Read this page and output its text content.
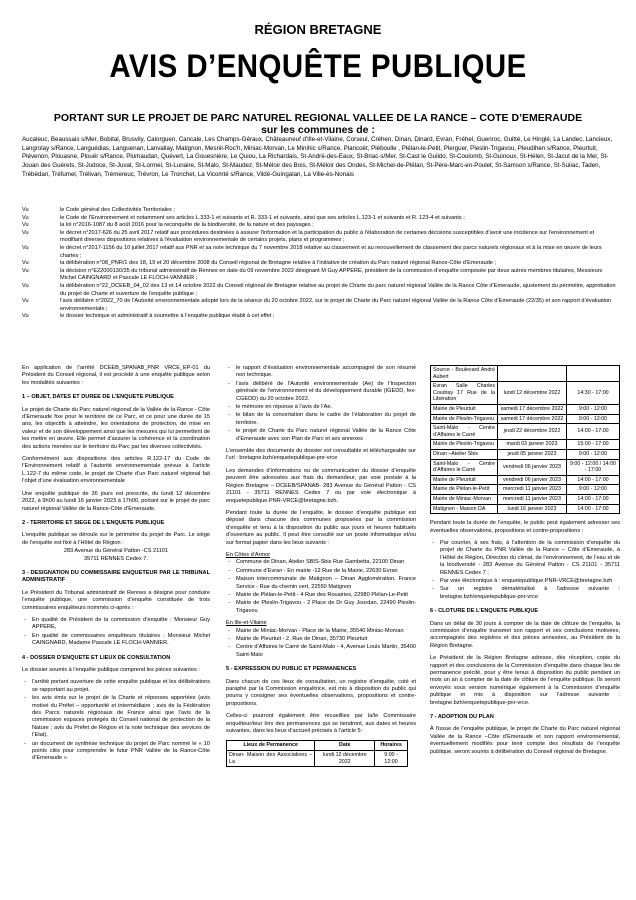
RÉGION BRETAGNE
AVIS D’ENQUÊTE PUBLIQUE
PORTANT SUR LE PROJET DE PARC NATUREL REGIONAL VALLEE DE LA RANCE – COTE D’EMERAUDE
sur les communes de :
Aucaleuc, Beaussais s/Mer, Bobital, Brusvily, Calorguen, Cancale, Les Champs-Géraux, Châteauneuf d'Ille-et-Vilaine, Corseul, Créhen, Dinan, Dinard, Evran, Fréhel, Guenroc, Guitté, Le Hinglé, La Landec, Lancieux, Langrolay s/Rance, Languédias, Languenan, Lanvallay, Matignon, Mesnil-Roc'h, Miniac-Morvan, Le Minihic s/Rance, Plancoët, Pléboulle , Plélan-le-Petit, Plerguer, Pleslin-Trigavou, Pleudihen s/Rance, Pleurtuit, Plévenon, Plouasne, Plouër s/Rance, Plumaudan, Quévert, La Gouesnière, Le Quiou, La Richardais, St-André-des-Eaux, St-Briac-s/Mer, St-Cast le Guildo, St-Coulomb, St-Guinoux, St-Hélen, St-Jacut de la Mer, St-Jouan des Guérets, St-Judoce, St-Juvat, St-Lormel, St-Lunaire, St-Malo, St-Maudez, St-Méloir des Bois, St-Méloir des Ondes, St-Michel-de-Plélan, St-Père-Marc-en-Poulet, St-Samson s/Rance, St-Suliac, Taden, Trébédan, Tréfumel, Trélivan, Trémereuc, Trévron, Le Tronchet, La Vicomté s/Rance, Vildé-Guingalan, La Ville-ès-Nonais
Vu	le Code général des Collectivités Territoriales ;
Vu	le Code de l’Environnement et notamment ses articles L.333-1 et suivants et R. 333-1 et suivants, ainsi que ses articles L.123-1 et suivants et R. 123-4 et suivants ;
Vu	la loi n°2016-1087 du 8 août 2016 pour la reconquête de la biodiversité, de la nature et des paysages ;
Vu	le décret n°2017-626 du 25 avril 2017 relatif aux procédures destinées à assurer l'information et la participation du public à l'élaboration de certaines décisions susceptibles d'avoir une incidence sur l'environnement et modifiant diverses dispositions relatives à l'évaluation environnementale de certains projets, plans et programmes ;
Vu	le décret n°2017-1156 du 10 juillet 2017 relatif aux PNR et sa note technique du 7 novembre 2018 relative au classement et au renouvellement de classement des parcs naturels régionaux et à la mise en œuvre de leurs chartes ;
Vu	la délibération n°08_PNR/1 des 18, 19 et 20 décembre 2008 du Conseil régional de Bretagne relative à l’initiative de création du Parc naturel régional Rance-Côte d’Emeraude ;
Vu	la décision n°E22000130/35 du tribunal administratif de Rennes en date du 09 novembre 2022 désignant M Guy APPERE, président de la commission d’enquête composée par deux autres membres titulaires, Messieurs Michel CAINGNARD et Pascale LE FLOCH-VANNIER ;
Vu	la délibération n°22_DCEEB_04_02 des 13 et 14 octobre 2022 du Conseil régional de Bretagne relative au projet de Charte du parc naturel régional Vallée de la Rance Côte d’Emeraude, ajustement du périmètre, approbation du projet de Charte et ouverture de l’enquête publique ;
Vu	l’avis délibéré n°2022_70 de l’Autorité environnementale adopté lors de la séance du 20 octobre 2022, sur le projet de Charte du Parc naturel régional Vallée de la Rance Côte d’Emeraude (22/35) et son rapport d’évaluation environnementale ;
Vu	le dossier technique et administratif à soumettre à l’enquête publique établi à cet effet ;

En application de l’arrêté DCEEB_SPANAB_PNR VRCE_EP-01 du Président du Conseil régional, il est procédé à une enquête publique selon les modalités suivantes :

1 – OBJET, DATES ET DUREE DE L’ENQUETE PUBLIQUE

Le projet de Charte du Parc naturel régional de la Vallée de la Rance - Côte d’Emeraude fixe pour le territoire de ce Parc, et ce pour une durée de 15 ans, les objectifs à atteindre, les orientations de protection, de mise en valeur et de son développement ainsi que les mesures qui lui permettent de les mettre en œuvre. Elle permet d’assurer la cohérence et la coordination des actions menées sur le territoire du Parc par les diverses collectivités.

Conformément aux dispositions des articles R.122-17 du Code de l’Environnement relatif à l’autorité environnementale prévue à l’article L.122-7 du même code, le projet de Charte d’un Parc naturel régional fait l’objet d’une évaluation environnementale

Une enquête publique de 36 jours est prescrite, du lundi 12 décembre 2022, à 9h00 au lundi 16 janvier 2023 à 17h00, portant sur le projet de parc naturel régional Vallée de la Rance-Côte d’Emeraude.

2 - TERRITOIRE ET SIEGE DE L’ENQUETE PUBLIQUE

L’enquête publique se déroule sur le périmètre du projet de Parc. Le siège de l’enquête est fixé à l’Hôtel de Région :

283 Avenue du Général Patton -CS 21101
35711 RENNES Cedex 7.
3 - DESIGNATION DU COMMISSAIRE ENQUETEUR PAR LE TRIBUNAL ADMINISTRATIF

Le Président du Tribunal administratif de Rennes a désigné pour conduire l’enquête publique, une commission d’enquête constituée de trois commissaires enquêteurs nommés ci-après :

- En qualité de Président de la commission d’enquête : Monsieur Guy APPERE,
- En qualité de commissaires enquêteurs titulaires : Monsieur Michel CAINGNARD, Madame Pascale LE FLOCH-VANNIER.
4 - DOSSIER D’ENQUETE ET LIEUX DE CONSULTATION

Le dossier soumis à l’enquête publique comprend les pièces suivantes :

- l’arrêté portant ouverture de cette enquête publique et les délibérations se rapportant au projet.
- les avis émis sur le projet de la Charte et réponses apportées (avis motivé du Préfet – opportunité et intermédiaire ; avis de la Fédération des Parcs naturels régionaux de France ainsi que l’avis de la commission espaces protégés du Conseil national de protection de la Nature ; avis du Préfet de Région et la note technique des services de l’Etat).
- un document de synthèse technique du projet de Parc nommé le « 10 points clés pour comprendre le futur PNR Vallée de la Rance-Côte d’Emeraude ».
- le rapport d’évaluation environnementale accompagné de son résumé non technique.
- l’avis délibéré de l’Autorité environnementale (Ae) de l’Inspection générale de l’environnement et du développement durable (IGEDD, fex-CGEDD) du 20 octobre 2022.
- le mémoire en réponse à l’avis de l’Ae.
- le bilan de la concertation dans le cadre de l’élaboration du projet de territoire.
- le projet de Charte du Parc naturel régional Vallée de la Rance Côte d’Emeraude avec son Plan de Parc et ses annexes

L’ensemble des documents du dossier est consultable et téléchargeable sur l’url : bretagne.bzh/enquetepublique-pnr-vrce

Les demandes d’informations ou de communication du dossier d’enquête peuvent être adressées aux frais du demandeur, par voie postale à la Région Bretagne – DCEEB/SPANAB- 283 Avenue du Général Patton - CS 21101 - 35711 RENNES Cedex 7 ou par voie électronique à enquetepublique.PNR-VRCE@bretagne.bzh.

Pendant toute la durée de l’enquête, le dossier d’enquête publique est déposé dans chacune des communes proposées par la commission d’enquête et tenu à la disposition du public aux jours et heures habituels d’ouverture au public. Il peut être consulté sur un poste informatique et/ou sur format papier dans les lieux suivants :

En Côtes d’Armor
- Commune de Dinan, Atelier SBIS-Sbis Rue Gambetta, 22100 Dinan
- Commune d’Evran - En mairie -12 Rue de la Mairie, 22630 Evran
- Maison intercommunale de Matignon – Dinan Agglomération, France Service - Rue du chemin vert, 22550 Matignon
- Mairie de Plélan-le-Petit - 4 Rue des Rouairies, 22980 Plélan-Le-Petit
- Mairie de Pleslin-Trigavou - 2 Place de Dr Guy Jourdan, 22490 Pleslin-Trigavou
En Ille-et-Vilaine
- Mairie de Miniac-Morvan - Place de la Mairie, 35540 Miniac-Morvan
- Mairie de Pleurtuit - 2, Rue de Dinan, 35730 Pleurtuit
- Centre d’Affaires le Carré de Saint-Malo - 4, Avenue Louis Martin, 35400 Saint-Malo
5 - EXPRESSION DU PUBLIC ET PERMANENCES

Dans chacun de ces lieux de consultation, un registre d’enquête, coté et paraphé par la Commission enquêtrice, est mis à disposition du public qui pourra y consigner ses éventuelles observations, propositions et contre-propositions.

Celles-ci pourront également être recueillies par la/le Commissaire enquêteur/teur lors des permanences qui se tiendront, aux dates et heures suivantes, dans les lieux d’accueil précisés à l’article 5:

Lieux de Permanence	Date	Horaires
Dinan- Maison des Associations – La	lundi 12 décembre 2022	9:00 - 12:00
Source - Boulevard André Aubert		
Evran Salle Charles Coudray 17 Rue de la Libération	lundi 12 décembre 2022	14:30 - 17:00
Mairie de Pleurtuit	samedi 17 décembre 2022	9:00 - 12:00
Mairie de Pleslin-Trigavou	samedi 17 décembre 2022	9:00 - 12:00
Saint-Malo - Centre d’Affaires le Carré	jeudi 22 décembre 2022	14:00 - 17:00
Mairie de Pleslin-Trigavou	mardi 03 janvier 2023	15:00 - 17:00
Dinan –Atelier Sbis	jeudi 05 janvier 2023	9:00 - 12:00
Saint-Malo - Centre d’Affaires le Carré	vendredi 06 janvier 2023	9:00 - 12:00 / 14:00 - 17:00
Mairie de Pleurtuit	vendredi 06 janvier 2023	14:00 - 17:00
Mairie de Plélan-le-Petit	mercredi 11 janvier 2023	9:00 - 12:00
Mairie de Miniac-Morvan	mercredi 11 janvier 2023	14:00 - 17:00
Matignon - Maison DA	lundi 16 janvier 2023	14:00 - 17:00

Pendant toute la durée de l’enquête, le public peut également adresser ses éventuelles observations, propositions et contre-propositions :

- Par courrier, à ses frais, à l’attention de la commission d’enquête du projet de Charte du PNR Vallée de la Rance – Côte d’Emeraude, à l’Hôtel de Région, Direction du climat, de l’environnement, de l’eau et de la biodiversité - 283 Avenue du Général Patton - CS 21101 - 35711 RENNES Cedex 7 ;
- Par voie électronique à : enquetepublique.PNR-VRCE@bretagne.bzh
- Sur un registre dématérialisé à l’adresse suivante : bretagne.bzh/enquetepublique-pnr-vrce
6 - CLOTURE DE L’ENQUETE PUBLIQUE

Dans un délai de 30 jours à compter de la date de clôture de l’enquête, la commission d’enquête transmet son rapport et ses conclusions motivées, accompagnés des registres et des pièces annexées, au Président de la Région Bretagne.

Le Président de la Région Bretagne adresse, dès réception, copie du rapport et des conclusions de la Commission d’enquête dans chaque lieu de permanence précité, pour y être tenus à disposition du public pendant un mois un an à compter de la date de clôture de l’enquête publique. Ils seront envoyés sous version numérique également à la Commission d’enquête publique et mis à disposition sur l’adresse suivante : bretagne.bzh/enquetepublique-pnr-vrce.

7 - ADOPTION DU PLAN

À l’issue de l’enquête publique, le projet de Charte du Parc naturel régional Vallée de la Rance –Côte d’Emeraude et son rapport environnemental, éventuellement modifiés pour tenir compte des résultats de l’enquête publique, seront soumis à délibération du Conseil régional de Bretagne.
